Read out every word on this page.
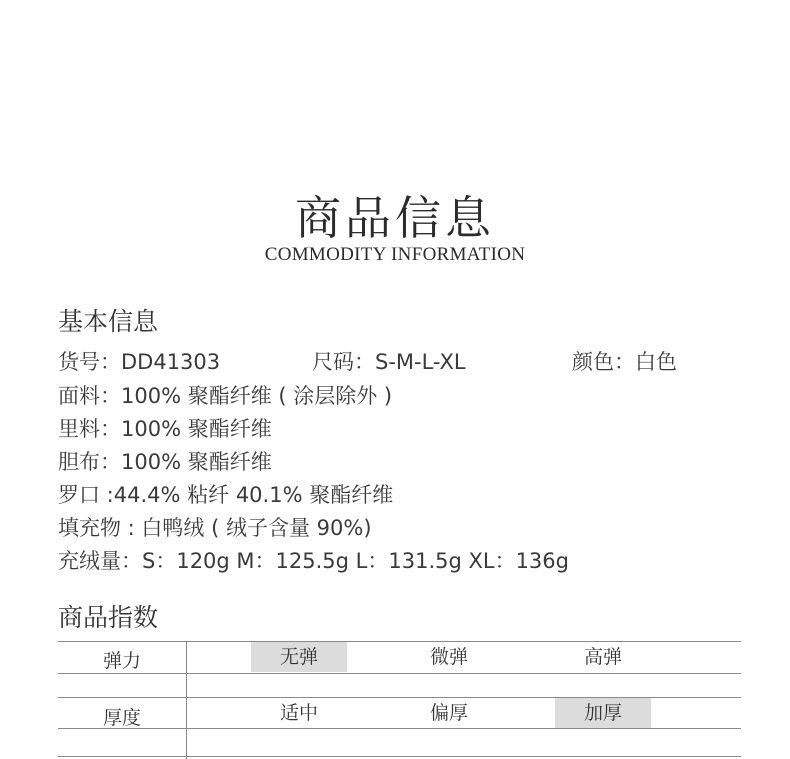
商品信息
COMMODITY INFORMATION
基本信息
货号：DD41303	尺码：S-M-L-XL	颜色：白色
面料：100% 聚酯纤维 ( 涂层除外 )
里料：100% 聚酯纤维
胆布：100% 聚酯纤维
罗口 :44.4% 粘纤 40.1% 聚酯纤维
填充物 : 白鸭绒 ( 绒子含量 90%)
充绒量：S：120g M：125.5g L：131.5g XL：136g
商品指数
弹力	无弹	微弹	高弹
厚度	适中	偏厚	加厚
